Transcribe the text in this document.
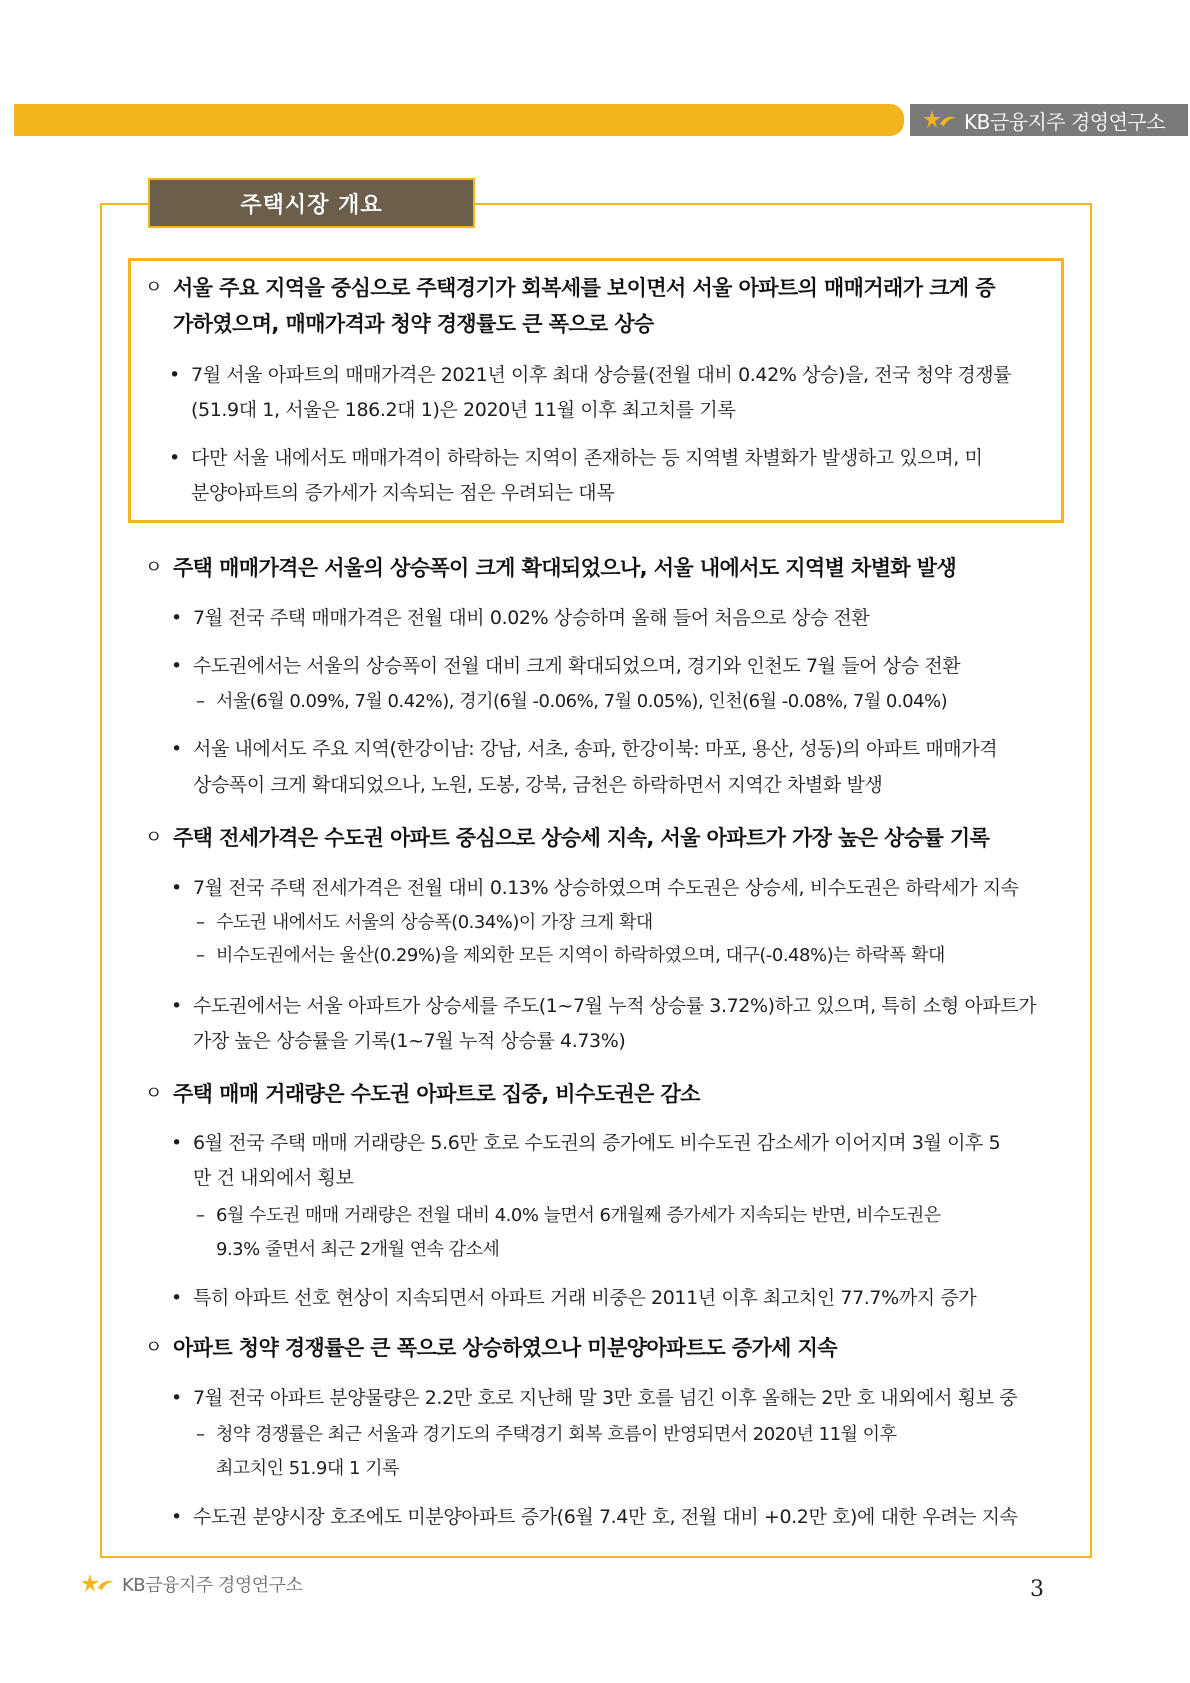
KB금융지주 경영연구소
주택시장 개요
ㅇ 서울 주요 지역을 중심으로 주택경기가 회복세를 보이면서 서울 아파트의 매매거래가 크게 증
가하였으며, 매매가격과 청약 경쟁률도 큰 폭으로 상승
• 7월 서울 아파트의 매매가격은 2021년 이후 최대 상승률(전월 대비 0.42% 상승)을, 전국 청약 경쟁률
(51.9대 1, 서울은 186.2대 1)은 2020년 11월 이후 최고치를 기록
• 다만 서울 내에서도 매매가격이 하락하는 지역이 존재하는 등 지역별 차별화가 발생하고 있으며, 미
분양아파트의 증가세가 지속되는 점은 우려되는 대목
ㅇ 주택 매매가격은 서울의 상승폭이 크게 확대되었으나, 서울 내에서도 지역별 차별화 발생
• 7월 전국 주택 매매가격은 전월 대비 0.02% 상승하며 올해 들어 처음으로 상승 전환
• 수도권에서는 서울의 상승폭이 전월 대비 크게 확대되었으며, 경기와 인천도 7월 들어 상승 전환
– 서울(6월 0.09%, 7월 0.42%), 경기(6월 -0.06%, 7월 0.05%), 인천(6월 -0.08%, 7월 0.04%)
• 서울 내에서도 주요 지역(한강이남: 강남, 서초, 송파, 한강이북: 마포, 용산, 성동)의 아파트 매매가격
상승폭이 크게 확대되었으나, 노원, 도봉, 강북, 금천은 하락하면서 지역간 차별화 발생
ㅇ 주택 전세가격은 수도권 아파트 중심으로 상승세 지속, 서울 아파트가 가장 높은 상승률 기록
• 7월 전국 주택 전세가격은 전월 대비 0.13% 상승하였으며 수도권은 상승세, 비수도권은 하락세가 지속
– 수도권 내에서도 서울의 상승폭(0.34%)이 가장 크게 확대
– 비수도권에서는 울산(0.29%)을 제외한 모든 지역이 하락하였으며, 대구(-0.48%)는 하락폭 확대
• 수도권에서는 서울 아파트가 상승세를 주도(1~7월 누적 상승률 3.72%)하고 있으며, 특히 소형 아파트가
가장 높은 상승률을 기록(1~7월 누적 상승률 4.73%)
ㅇ 주택 매매 거래량은 수도권 아파트로 집중, 비수도권은 감소
• 6월 전국 주택 매매 거래량은 5.6만 호로 수도권의 증가에도 비수도권 감소세가 이어지며 3월 이후 5
만 건 내외에서 횡보
– 6월 수도권 매매 거래량은 전월 대비 4.0% 늘면서 6개월째 증가세가 지속되는 반면, 비수도권은
9.3% 줄면서 최근 2개월 연속 감소세
• 특히 아파트 선호 현상이 지속되면서 아파트 거래 비중은 2011년 이후 최고치인 77.7%까지 증가
ㅇ 아파트 청약 경쟁률은 큰 폭으로 상승하였으나 미분양아파트도 증가세 지속
• 7월 전국 아파트 분양물량은 2.2만 호로 지난해 말 3만 호를 넘긴 이후 올해는 2만 호 내외에서 횡보 중
– 청약 경쟁률은 최근 서울과 경기도의 주택경기 회복 흐름이 반영되면서 2020년 11월 이후
최고치인 51.9대 1 기록
• 수도권 분양시장 호조에도 미분양아파트 증가(6월 7.4만 호, 전월 대비 +0.2만 호)에 대한 우려는 지속
KB금융지주 경영연구소	3
